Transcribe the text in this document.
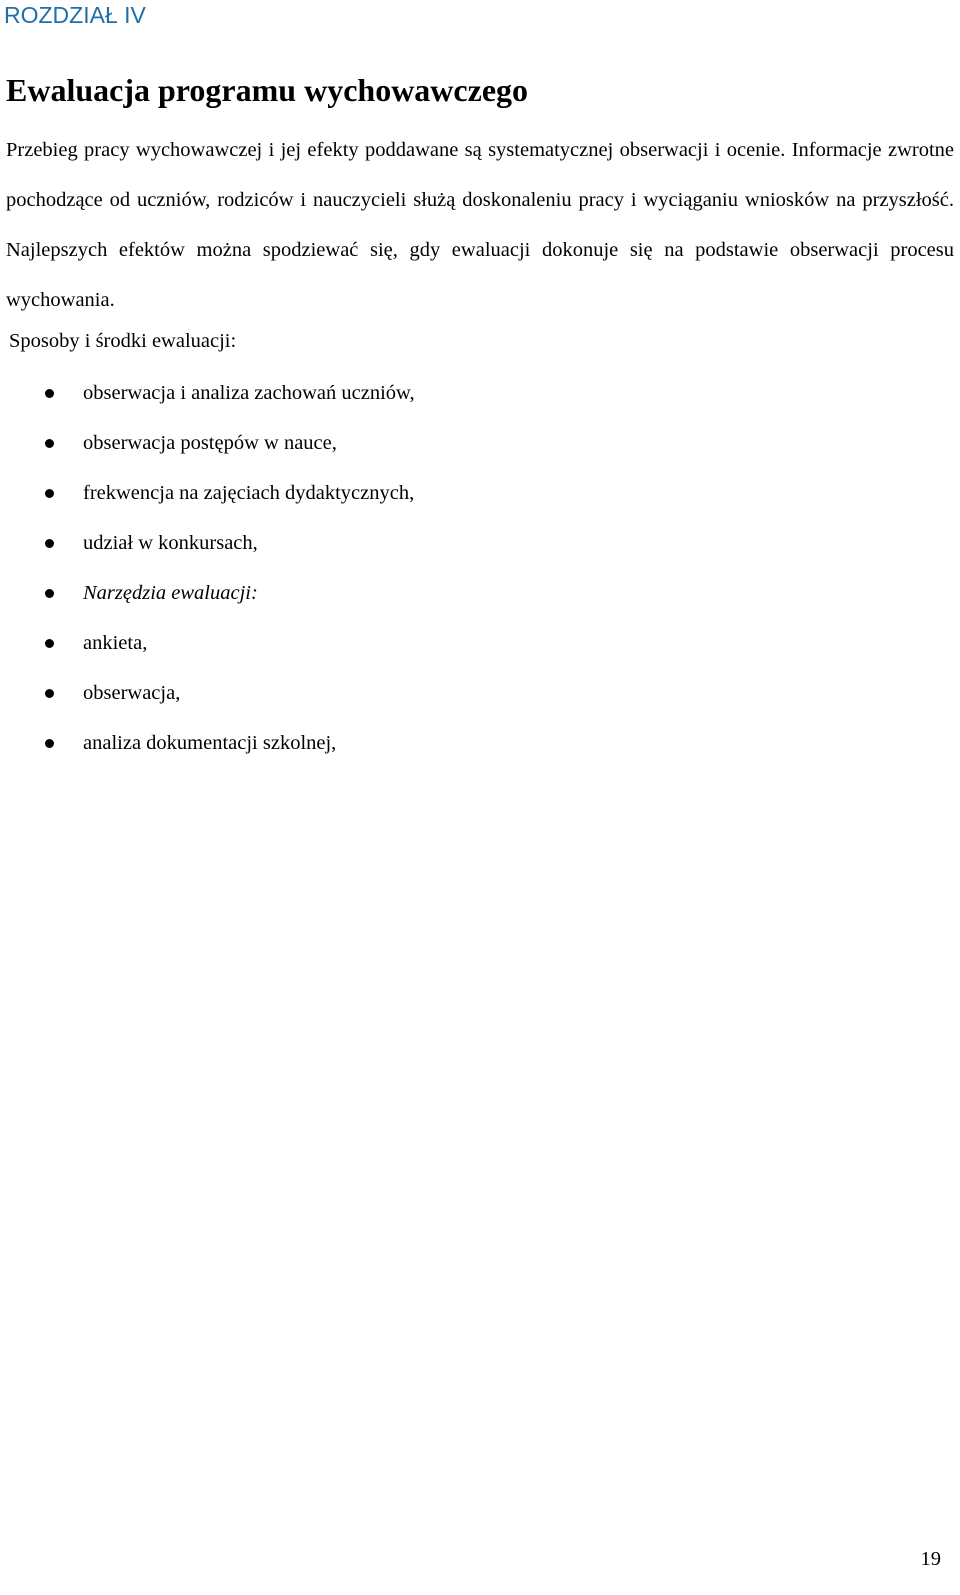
ROZDZIAŁ IV
Ewaluacja programu wychowawczego

Przebieg pracy wychowawczej i jej efekty poddawane są systematycznej obserwacji i ocenie. Informacje zwrotne pochodzące od uczniów, rodziców i nauczycieli służą doskonaleniu pracy i wyciąganiu wniosków na przyszłość. Najlepszych efektów można spodziewać się, gdy ewaluacji dokonuje się na podstawie obserwacji procesu wychowania.

Sposoby i środki ewaluacji:

obserwacja i analiza zachowań uczniów,
obserwacja postępów w nauce,
frekwencja na zajęciach dydaktycznych,
udział w konkursach,
Narzędzia ewaluacji:
ankieta,
obserwacja,
analiza dokumentacji szkolnej,
19
